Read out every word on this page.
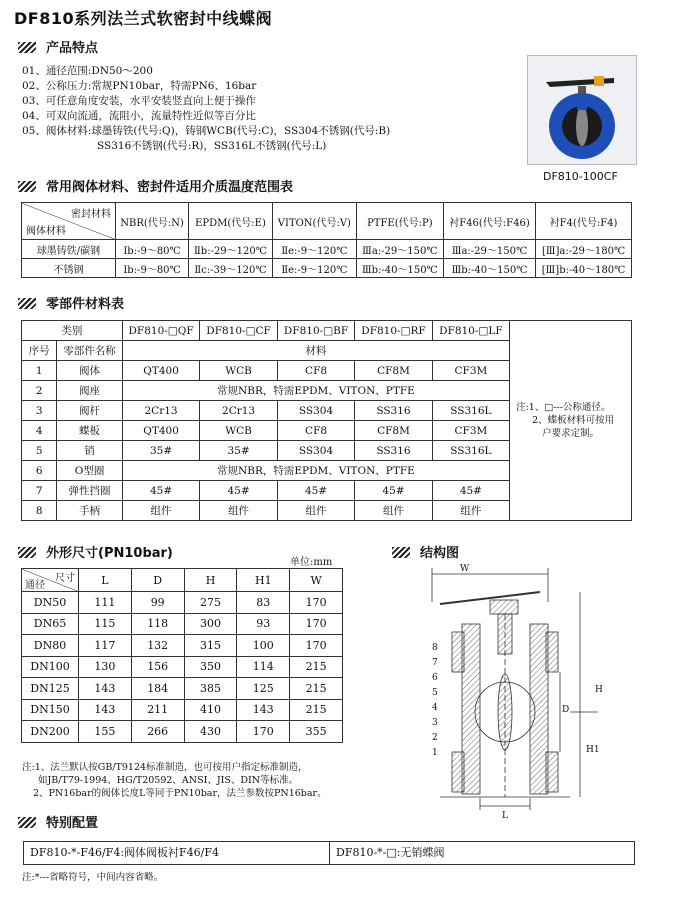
DF810系列法兰式软密封中线蝶阀
产品特点
01、通径范围:DN50～200
02、公称压力:常规PN10bar，特需PN6、16bar
03、可任意角度安装，水平安装竖直向上便于操作
04、可双向流通，流阻小，流量特性近似等百分比
05、阀体材料:球墨铸铁(代号:Q)，铸钢WCB(代号:C)，SS304不锈钢(代号:B)
SS316不锈钢(代号:R)，SS316L不锈钢(代号:L)
DF810-100CF
常用阀体材料、密封件适用介质温度范围表
密封材料
阀体材料	NBR(代号:N)	EPDM(代号:E)	VITON(代号:V)	PTFE(代号:P)	衬F46(代号:F46)	衬F4(代号:F4)

球墨铸铁/碳钢	Ⅰb:-9～80℃	Ⅱb:-29～120℃	Ⅱe:-9～120℃	Ⅲa:-29～150℃	Ⅲa:-29～150℃	[Ⅲ]a:-29～180℃
不锈钢	Ⅰb:-9～80℃	Ⅱc:-39～120℃	Ⅱe:-9～120℃	Ⅲb:-40～150℃	Ⅲb:-40～150℃	[Ⅲ]b:-40～180℃
零部件材料表
类别		DF810-□QF	DF810-□CF	DF810-□BF	DF810-□RF	DF810-□LF	注:1、□---公称通径。
2、蝶板材料可按用
户要求定制。

序号	零部件名称	材料					
1	阀体	QT400	WCB	CF8	CF8M	CF3M	
2	阀座	常规NBR，特需EPDM、VITON、PTFE					
3	阀杆	2Cr13	2Cr13	SS304	SS316	SS316L	
4	蝶板	QT400	WCB	CF8	CF8M	CF3M	
5	销	35#	35#	SS304	SS316	SS316L	
6	O型圈	常规NBR，特需EPDM、VITON、PTFE					
7	弹性挡圈	45#	45#	45#	45#	45#	
8	手柄	组件	组件	组件	组件	组件	
外形尺寸(PN10bar)
单位:mm
尺寸
通径	L	D	H	H1	W
DN50	111	99	275	83	170
DN65	115	118	300	93	170
DN80	117	132	315	100	170
DN100	130	156	350	114	215
DN125	143	184	385	125	215
DN150	143	211	410	143	215
DN200	155	266	430	170	355
注:1、法兰默认按GB/T9124标准制造，也可按用户指定标准制造，
如JB/T79-1994、HG/T20592、ANSI、JIS、DIN等标准。
2、PN16bar的阀体长度L等同于PN10bar，法兰参数按PN16bar。
结构图
W
L
H
D
H1
8
7
6
5
4
3
2
1
特别配置
DF810-*-F46/F4:阀体阀板衬F46/F4	DF810-*-□:无销蝶阀
注:*---省略符号，中间内容省略。
